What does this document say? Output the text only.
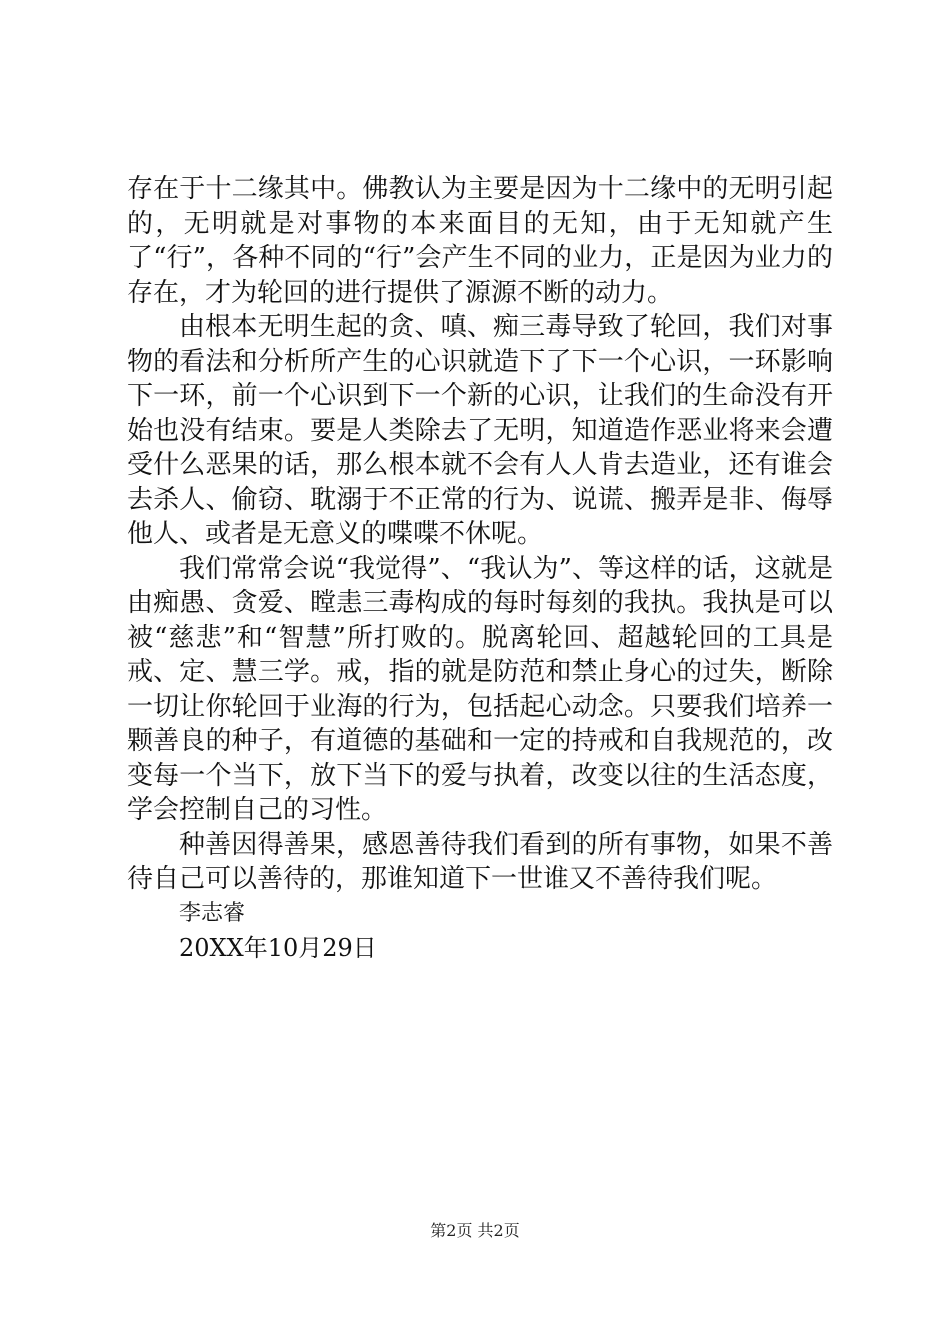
存在于十二缘其中。佛教认为主要是因为十二缘中的无明引起的，无明就是对事物的本来面目的无知，由于无知就产生了“行”，各种不同的“行”会产生不同的业力，正是因为业力的存在，才为轮回的进行提供了源源不断的动力。

由根本无明生起的贪、嗔、痴三毒导致了轮回，我们对事物的看法和分析所产生的心识就造下了下一个心识，一环影响下一环，前一个心识到下一个新的心识，让我们的生命没有开始也没有结束。要是人类除去了无明，知道造作恶业将来会遭受什么恶果的话，那么根本就不会有人人肯去造业，还有谁会去杀人、偷窃、耽溺于不正常的行为、说谎、搬弄是非、侮辱他人、或者是无意义的喋喋不休呢。

我们常常会说“我觉得”、“我认为”、等这样的话，这就是由痴愚、贪爱、瞠恚三毒构成的每时每刻的我执。我执是可以被“慈悲”和“智慧”所打败的。脱离轮回、超越轮回的工具是戒、定、慧三学。戒，指的就是防范和禁止身心的过失，断除一切让你轮回于业海的行为，包括起心动念。只要我们培养一颗善良的种子，有道德的基础和一定的持戒和自我规范的，改变每一个当下，放下当下的爱与执着，改变以往的生活态度，学会控制自己的习性。

种善因得善果，感恩善待我们看到的所有事物，如果不善待自己可以善待的，那谁知道下一世谁又不善待我们呢。

李志睿

20XX年10月29日

第2页 共2页
